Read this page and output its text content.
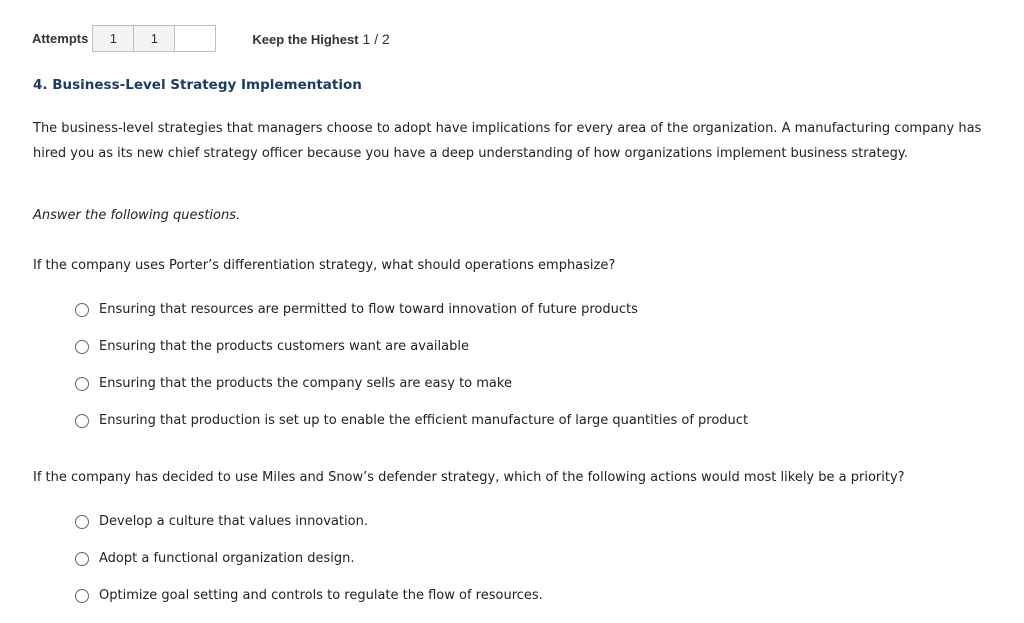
Attempts	1	1	Keep the Highest 1 / 2
4. Business-Level Strategy Implementation
The business-level strategies that managers choose to adopt have implications for every area of the organization. A manufacturing company has hired you as its new chief strategy officer because you have a deep understanding of how organizations implement business strategy.
Answer the following questions.
If the company uses Porter’s differentiation strategy, what should operations emphasize?
Ensuring that resources are permitted to flow toward innovation of future products
Ensuring that the products customers want are available
Ensuring that the products the company sells are easy to make
Ensuring that production is set up to enable the efficient manufacture of large quantities of product
If the company has decided to use Miles and Snow’s defender strategy, which of the following actions would most likely be a priority?
Develop a culture that values innovation.
Adopt a functional organization design.
Optimize goal setting and controls to regulate the flow of resources.
